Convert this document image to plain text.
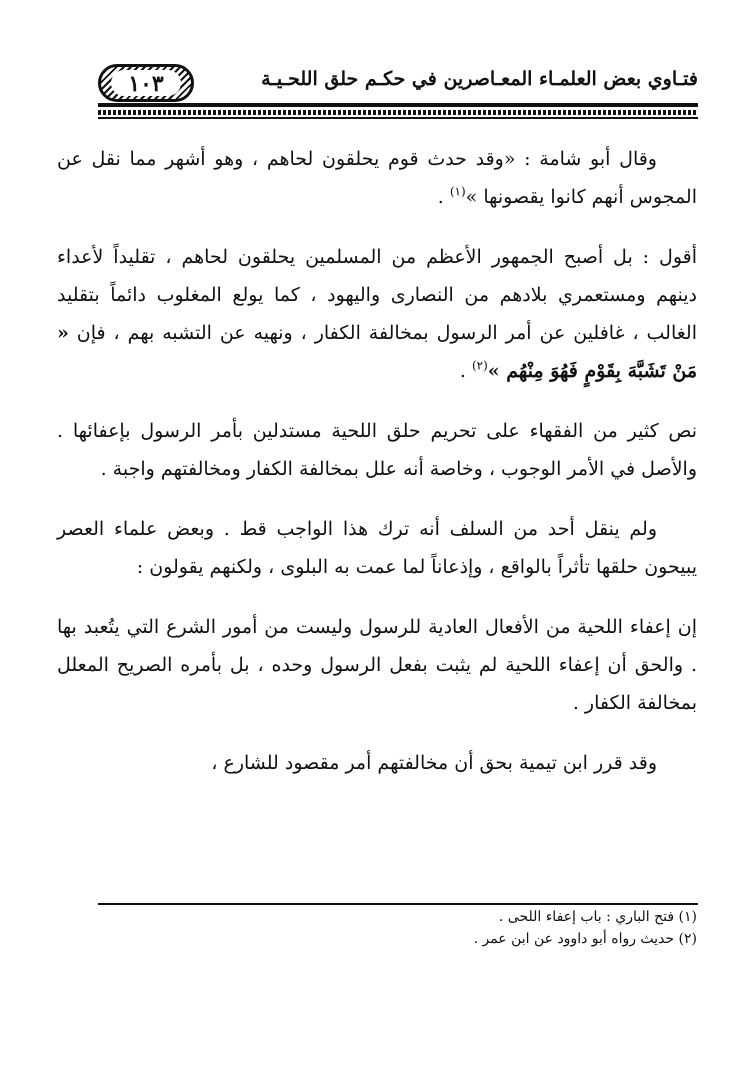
فتـاوي بعض العلمـاء المعـاصرين في حكـم حلق اللحـيـة
١٠٣

وقال أبو شامة : «وقد حدث قوم يحلقون لحاهم ، وهو أشهر مما نقل عن المجوس أنهم كانوا يقصونها »$^{(١)}$ .

أقول : بل أصبح الجمهور الأعظم من المسلمين يحلقون لحاهم ، تقليداً لأعداء دينهم ومستعمري بلادهم من النصارى واليهود ، كما يولع المغلوب دائماً بتقليد الغالب ، غافلين عن أمر الرسول بمخالفة الكفار ، ونهيه عن التشبه بهم ، فإن « مَنْ تَشَبَّهَ بِقَوْمٍ فَهُوَ مِنْهُم »$^{(٢)}$ .

نص كثير من الفقهاء على تحريم حلق اللحية مستدلين بأمر الرسول بإعفائها . والأصل في الأمر الوجوب ، وخاصة أنه علل بمخالفة الكفار ومخالفتهم واجبة .

ولم ينقل أحد من السلف أنه ترك هذا الواجب قط . وبعض علماء العصر يبيحون حلقها تأثراً بالواقع ، وإذعاناً لما عمت به البلوى ، ولكنهم يقولون :

إن إعفاء اللحية من الأفعال العادية للرسول وليست من أمور الشرع التي يتُعبد بها . والحق أن إعفاء اللحية لم يثبت بفعل الرسول وحده ، بل بأمره الصريح المعلل بمخالفة الكفار .

وقد قرر ابن تيمية بحق أن مخالفتهم أمر مقصود للشارع ،

(١) فتح الباري : باب إعفاء اللحى .

(٢) حديث رواه أبو داوود عن ابن عمر .
